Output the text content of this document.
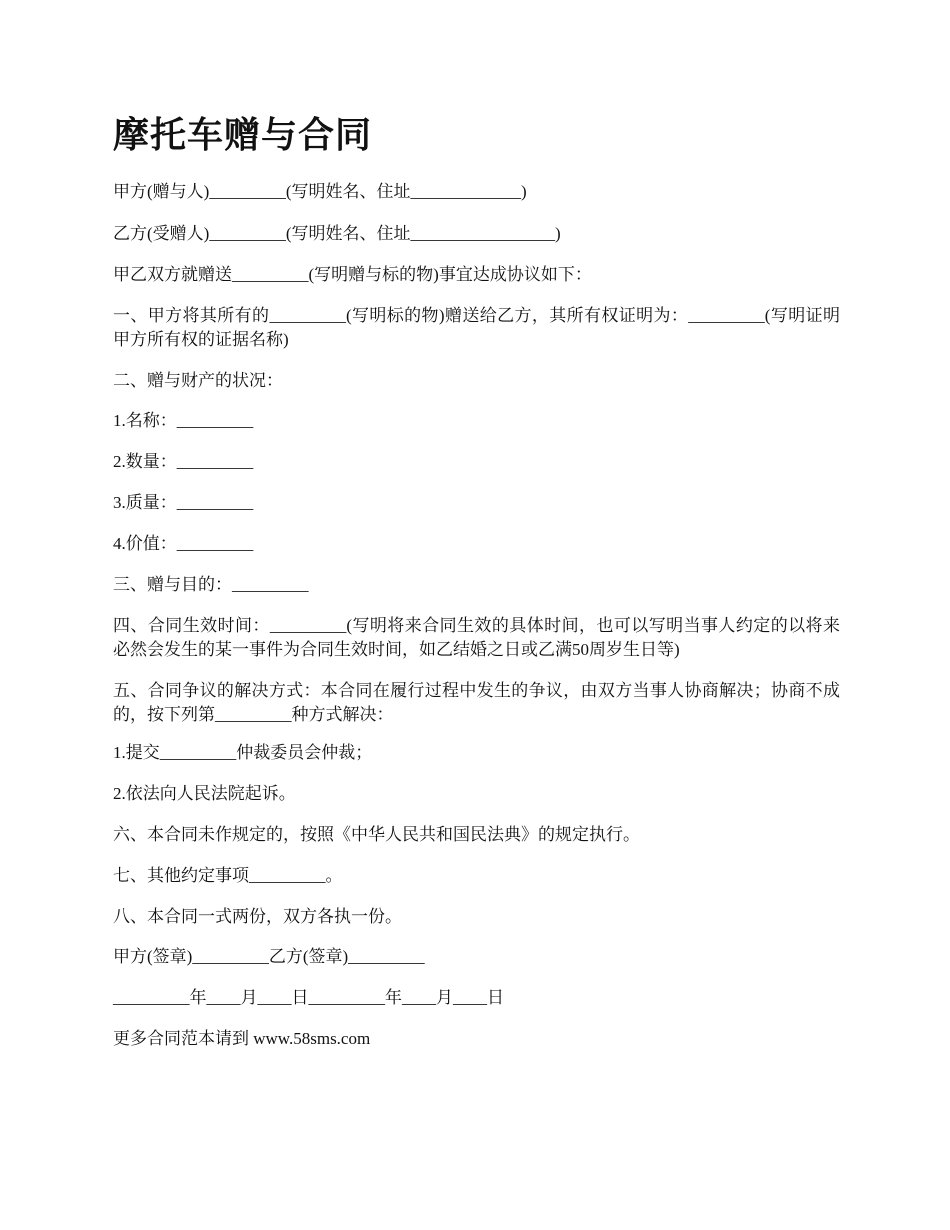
摩托车赠与合同

甲方(赠与人)_________(写明姓名、住址_____________)

乙方(受赠人)_________(写明姓名、住址_________________)

甲乙双方就赠送_________(写明赠与标的物)事宜达成协议如下：

一、甲方将其所有的_________(写明标的物)赠送给乙方，其所有权证明为：_________(写明证明甲方所有权的证据名称)

二、赠与财产的状况：

1.名称：_________

2.数量：_________

3.质量：_________

4.价值：_________

三、赠与目的：_________

四、合同生效时间：_________(写明将来合同生效的具体时间，也可以写明当事人约定的以将来必然会发生的某一事件为合同生效时间，如乙结婚之日或乙满50周岁生日等)

五、合同争议的解决方式：本合同在履行过程中发生的争议，由双方当事人协商解决；协商不成的，按下列第_________种方式解决：

1.提交_________仲裁委员会仲裁；

2.依法向人民法院起诉。

六、本合同未作规定的，按照《中华人民共和国民法典》的规定执行。

七、其他约定事项_________。

八、本合同一式两份，双方各执一份。

甲方(签章)_________乙方(签章)_________

_________年____月____日_________年____月____日

更多合同范本请到 www.58sms.com
